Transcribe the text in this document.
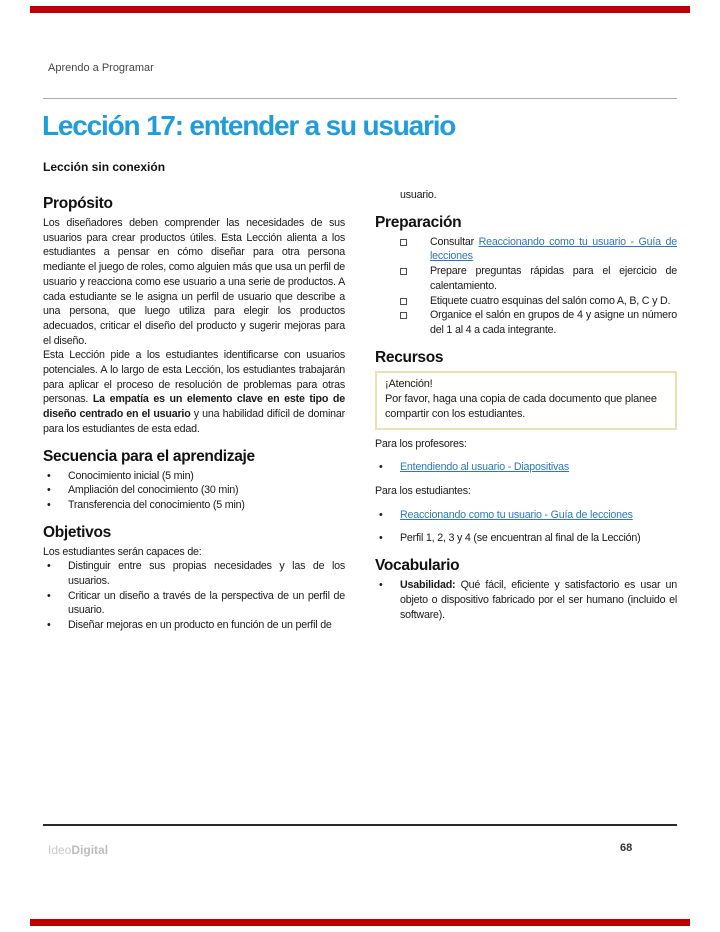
Aprendo a Programar
Lección 17: entender a su usuario
Lección sin conexión
Propósito

Los diseñadores deben comprender las necesidades de sus usuarios para crear productos útiles. Esta Lección alienta a los estudiantes a pensar en cómo diseñar para otra persona mediante el juego de roles, como alguien más que usa un perfil de usuario y reacciona como ese usuario a una serie de productos. A cada estudiante se le asigna un perfil de usuario que describe a una persona, que luego utiliza para elegir los productos adecuados, criticar el diseño del producto y sugerir mejoras para el diseño.

Esta Lección pide a los estudiantes identificarse con usuarios potenciales. A lo largo de esta Lección, los estudiantes trabajarán para aplicar el proceso de resolución de problemas para otras personas. La empatía es un elemento clave en este tipo de diseño centrado en el usuario y una habilidad difícil de dominar para los estudiantes de esta edad.

Secuencia para el aprendizaje
• Conocimiento inicial (5 min)
• Ampliación del conocimiento (30 min)
• Transferencia del conocimiento (5 min)
Objetivos

Los estudiantes serán capaces de:

• Distinguir entre sus propias necesidades y las de los usuarios.
• Criticar un diseño a través de la perspectiva de un perfil de usuario.
• Diseñar mejoras en un producto en función de un perfil de
usuario.
Preparación
Consultar Reaccionando como tu usuario - Guía de lecciones
Prepare preguntas rápidas para el ejercicio de calentamiento.
Etiquete cuatro esquinas del salón como A, B, C y D.
Organice el salón en grupos de 4 y asigne un número del 1 al 4 a cada integrante.
Recursos
¡Atención!
Por favor, haga una copia de cada documento que planee compartir con los estudiantes.
Para los profesores:
• Entendiendo al usuario - Diapositivas
Para los estudiantes:
• Reaccionando como tu usuario - Guía de lecciones
• Perfil 1, 2, 3 y 4 (se encuentran al final de la Lección)
Vocabulario
• Usabilidad: Qué fácil, eficiente y satisfactorio es usar un objeto o dispositivo fabricado por el ser humano (incluido el software).
IdeoDigital	68
